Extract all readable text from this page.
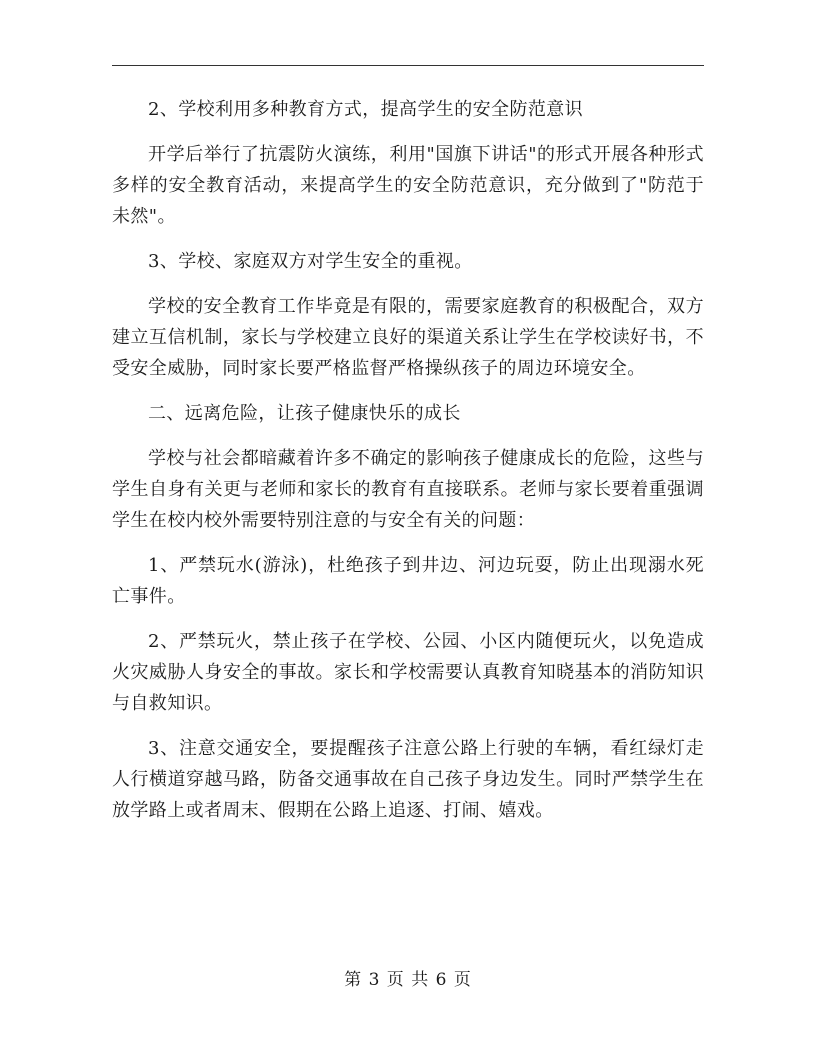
2、学校利用多种教育方式，提高学生的安全防范意识

开学后举行了抗震防火演练，利用"国旗下讲话"的形式开展各种形式多样的安全教育活动，来提高学生的安全防范意识，充分做到了"防范于未然"。

3、学校、家庭双方对学生安全的重视。

学校的安全教育工作毕竟是有限的，需要家庭教育的积极配合，双方建立互信机制，家长与学校建立良好的渠道关系让学生在学校读好书，不受安全威胁，同时家长要严格监督严格操纵孩子的周边环境安全。

二、远离危险，让孩子健康快乐的成长

学校与社会都暗藏着许多不确定的影响孩子健康成长的危险，这些与学生自身有关更与老师和家长的教育有直接联系。老师与家长要着重强调学生在校内校外需要特别注意的与安全有关的问题：

1、严禁玩水(游泳)，杜绝孩子到井边、河边玩耍，防止出现溺水死亡事件。

2、严禁玩火，禁止孩子在学校、公园、小区内随便玩火，以免造成火灾威胁人身安全的事故。家长和学校需要认真教育知晓基本的消防知识与自救知识。

3、注意交通安全，要提醒孩子注意公路上行驶的车辆，看红绿灯走人行横道穿越马路，防备交通事故在自己孩子身边发生。同时严禁学生在放学路上或者周末、假期在公路上追逐、打闹、嬉戏。

第 3 页 共 6 页
